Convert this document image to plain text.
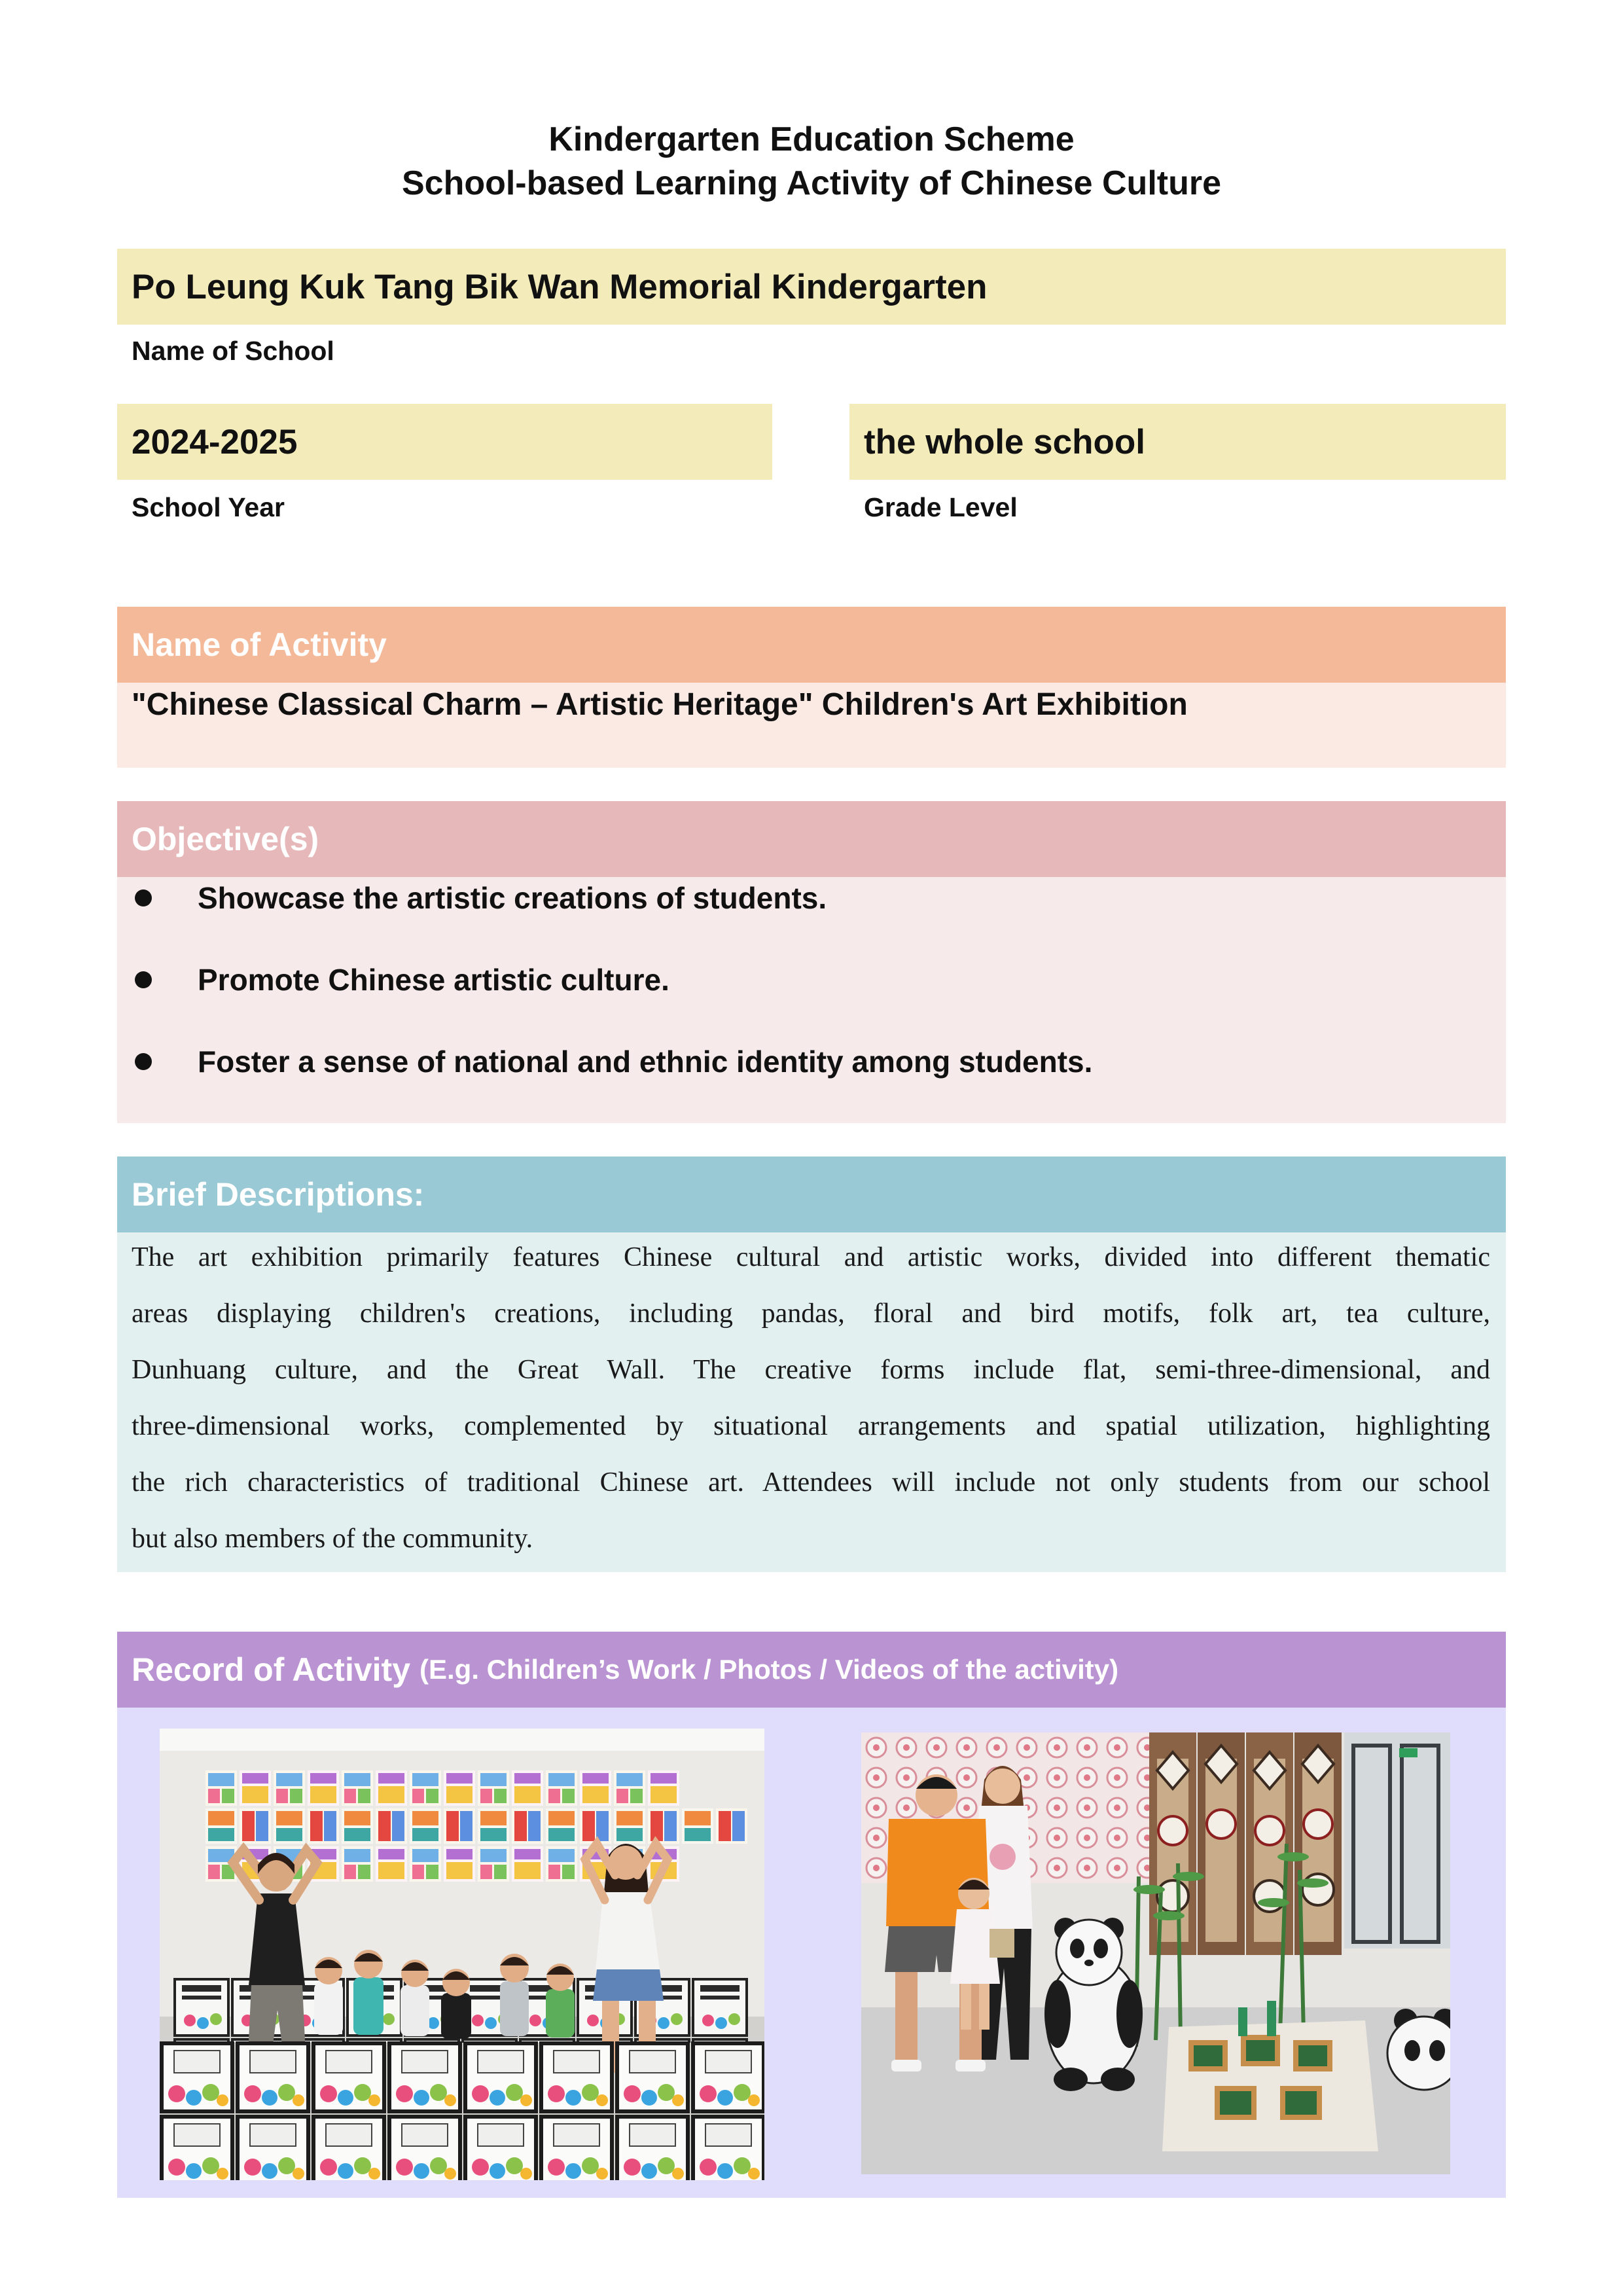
Kindergarten Education Scheme
School-based Learning Activity of Chinese Culture
Po Leung Kuk Tang Bik Wan Memorial Kindergarten
Name of School
2024-2025	the whole school
School Year	Grade Level
Name of Activity
"Chinese Classical Charm – Artistic Heritage" Children's Art Exhibition
Objective(s)
Showcase the artistic creations of students.
Promote Chinese artistic culture.
Foster a sense of national and ethnic identity among students.
Brief Descriptions:
The art exhibition primarily features Chinese cultural and artistic works, divided into different thematic
areas displaying children's creations, including pandas, floral and bird motifs, folk art, tea culture,
Dunhuang culture, and the Great Wall. The creative forms include flat, semi-three-dimensional, and
three-dimensional works, complemented by situational arrangements and spatial utilization, highlighting
the rich characteristics of traditional Chinese art. Attendees will include not only students from our school
but also members of the community.
Record of Activity (E.g. Children’s Work / Photos / Videos of the activity)
